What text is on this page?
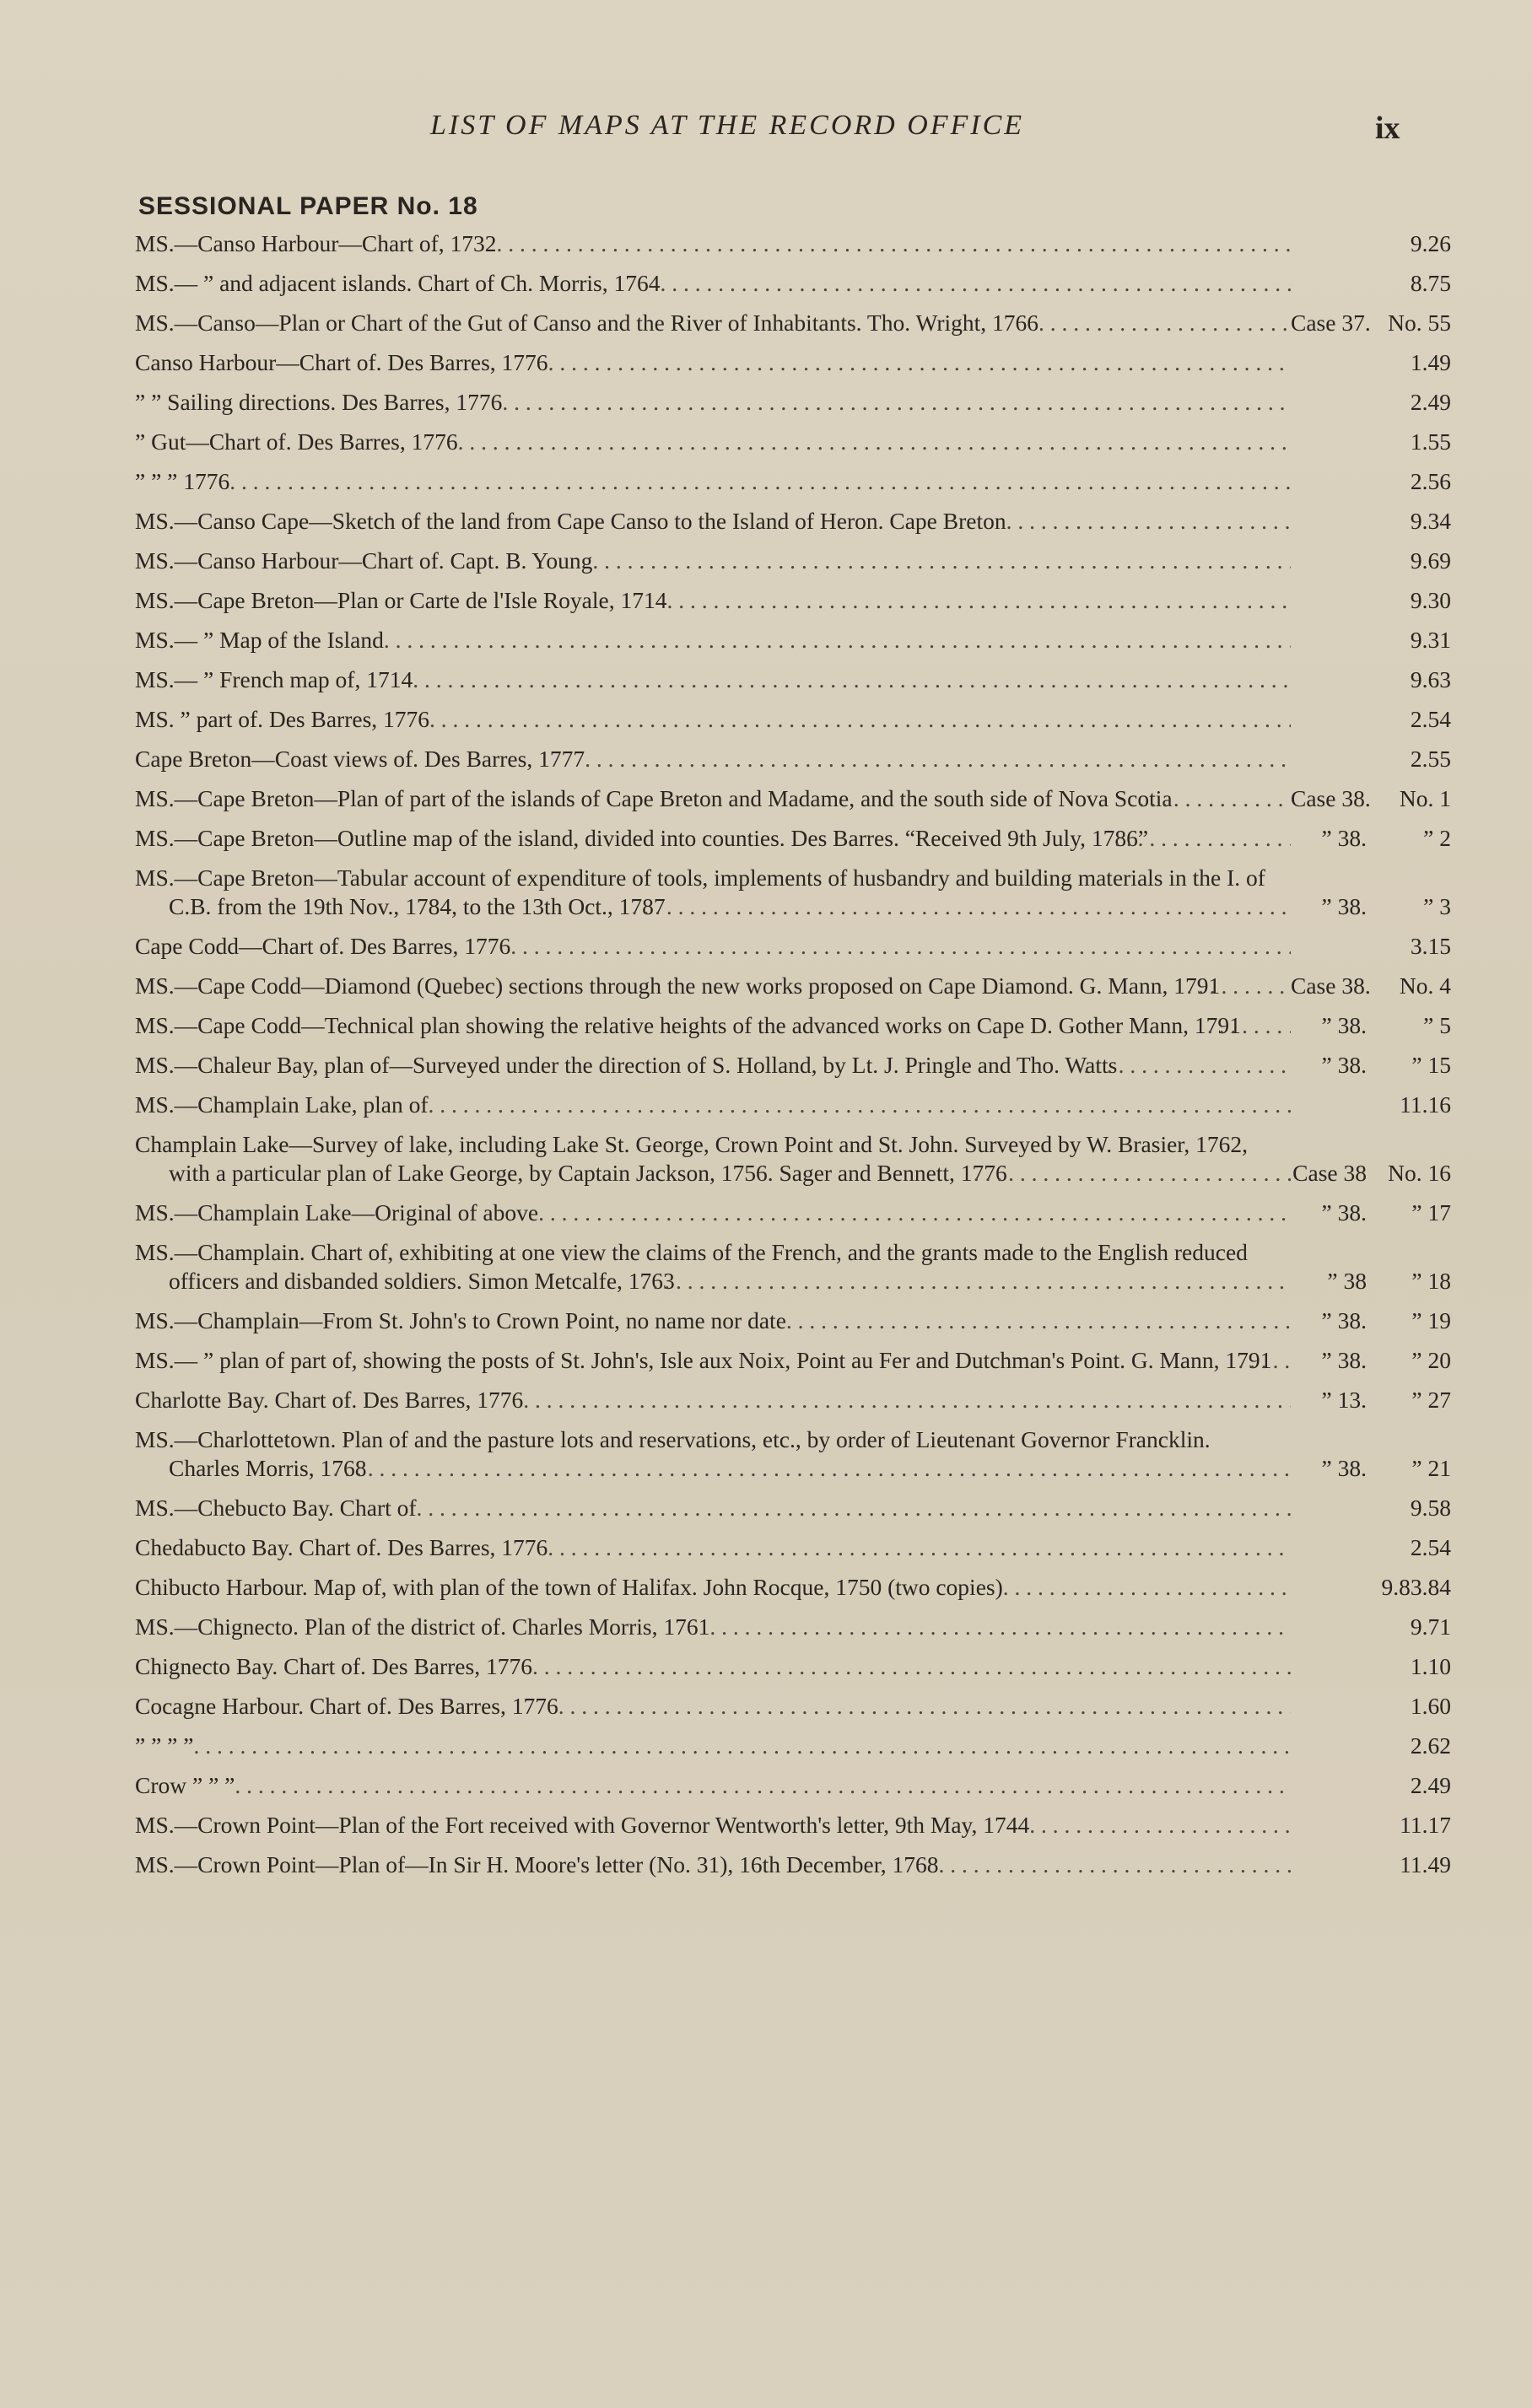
LIST OF MAPS AT THE RECORD OFFICE	ix
SESSIONAL PAPER No. 18
MS.—Canso Harbour—Chart of, 1732 . . .	9.26
MS.— ” and adjacent islands. Chart of Ch. Morris, 1764 . . .	8.75
MS.—Canso—Plan or Chart of the Gut of Canso and the River of Inhabitants. Tho. Wright, 1766 . . .	Case 37. No. 55
Canso Harbour—Chart of. Des Barres, 1776 . . .	1.49
” ” Sailing directions. Des Barres, 1776 . . .	2.49
” Gut—Chart of. Des Barres, 1776 . . .	1.55
” ” ” 1776 . . .	2.56
MS.—Canso Cape—Sketch of the land from Cape Canso to the Island of Heron. Cape Breton . . .	9.34
MS.—Canso Harbour—Chart of. Capt. B. Young . . .	9.69
MS.—Cape Breton—Plan or Carte de l'Isle Royale, 1714 . . .	9.30
MS.— ” Map of the Island . . .	9.31
MS.— ” French map of, 1714 . . .	9.63
MS. ” part of. Des Barres, 1776 . . .	2.54
Cape Breton—Coast views of. Des Barres, 1777 . . .	2.55
MS.—Cape Breton—Plan of part of the islands of Cape Breton and Madame, and the south side of Nova Scotia . . .	Case 38.	No. 1
MS.—Cape Breton—Outline map of the island, divided into counties. Des Barres. “Received 9th July, 1786” . . .	” 38.	” 2
MS.—Cape Breton—Tabular account of expenditure of tools, implements of husbandry and building materials in the I. of C.B. from the 19th Nov., 1784, to the 13th Oct., 1787 . . .	” 38.	” 3
Cape Codd—Chart of. Des Barres, 1776 . . .	3.15
MS.—Cape Codd—Diamond (Quebec) sections through the new works proposed on Cape Diamond. G. Mann, 1791 . . .	Case 38.	No. 4
MS.—Cape Codd—Technical plan showing the relative heights of the advanced works on Cape D. Gother Mann, 1791 . . .	” 38.	” 5
MS.—Chaleur Bay, plan of—Surveyed under the direction of S. Holland, by Lt. J. Pringle and Tho. Watts . . .	” 38.	” 15
MS.—Champlain Lake, plan of . . .	11.16
Champlain Lake—Survey of lake, including Lake St. George, Crown Point and St. John. Surveyed by W. Brasier, 1762, with a particular plan of Lake George, by Captain Jackson, 1756. Sager and Bennett, 1776 . . .	Case 38 No. 16
MS.—Champlain Lake—Original of above . . .	” 38.	” 17
MS.—Champlain. Chart of, exhibiting at one view the claims of the French, and the grants made to the English reduced officers and disbanded soldiers. Simon Metcalfe, 1763 . . .	” 38	” 18
MS.—Champlain—From St. John's to Crown Point, no name nor date . . .	” 38.	” 19
MS.— ” plan of part of, showing the posts of St. John's, Isle aux Noix, Point au Fer and Dutchman's Point. G. Mann, 1791 . . .	” 38.	” 20
Charlotte Bay. Chart of. Des Barres, 1776 . . .	” 13.	” 27
MS.—Charlottetown. Plan of and the pasture lots and reservations, etc., by order of Lieutenant Governor Francklin. Charles Morris, 1768 . . .	” 38.	” 21
MS.—Chebucto Bay. Chart of . . .	9.58
Chedabucto Bay. Chart of. Des Barres, 1776 . . .	2.54
Chibucto Harbour. Map of, with plan of the town of Halifax. John Rocque, 1750 (two copies) . . .	9.83.84
MS.—Chignecto. Plan of the district of. Charles Morris, 1761 . . .	9.71
Chignecto Bay. Chart of. Des Barres, 1776 . . .	1.10
Cocagne Harbour. Chart of. Des Barres, 1776 . . .	1.60
” ” ” ” . . .	2.62
Crow ” ” ” . . .	2.49
MS.—Crown Point—Plan of the Fort received with Governor Wentworth's letter, 9th May, 1744 . . .	11.17
MS.—Crown Point—Plan of—In Sir H. Moore's letter (No. 31), 16th December, 1768 . . .	11.49
